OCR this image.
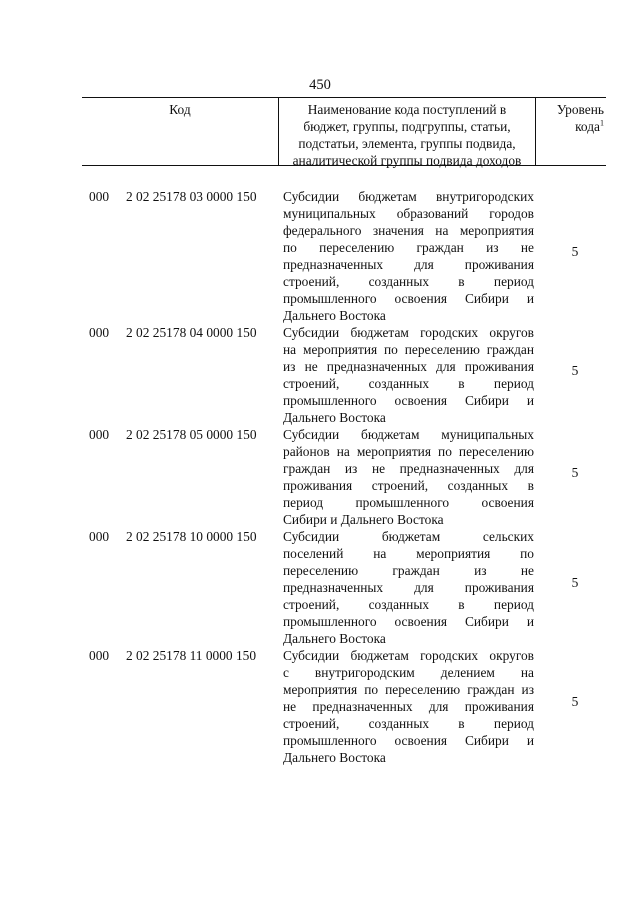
450
Код	Наименование кода поступлений в
бюджет, группы, подгруппы, статьи,
подстатьи, элемента, группы подвида,
аналитической группы подвида доходов
Уровень
кода$^1$
000 2 02 25178 03 0000 150 Субсидии бюджетам внутригородских
муниципальных образований городов
федерального значения на мероприятия
по переселению граждан из не
предназначенных для проживания
строений, созданных в период
промышленного освоения Сибири и
Дальнего Востока
5
000 2 02 25178 04 0000 150 Субсидии бюджетам городских округов
на мероприятия по переселению граждан
из не предназначенных для проживания
строений, созданных в период
промышленного освоения Сибири и
Дальнего Востока
5
000 2 02 25178 05 0000 150 Субсидии бюджетам муниципальных
районов на мероприятия по переселению
граждан из не предназначенных для
проживания строений, созданных в
период промышленного освоения
Сибири и Дальнего Востока
5
000 2 02 25178 10 0000 150 Субсидии бюджетам сельских
поселений на мероприятия по
переселению граждан из не
предназначенных для проживания
строений, созданных в период
промышленного освоения Сибири и
Дальнего Востока
5
000 2 02 25178 11 0000 150 Субсидии бюджетам городских округов
с внутригородским делением на
мероприятия по переселению граждан из
не предназначенных для проживания
строений, созданных в период
промышленного освоения Сибири и
Дальнего Востока
5
